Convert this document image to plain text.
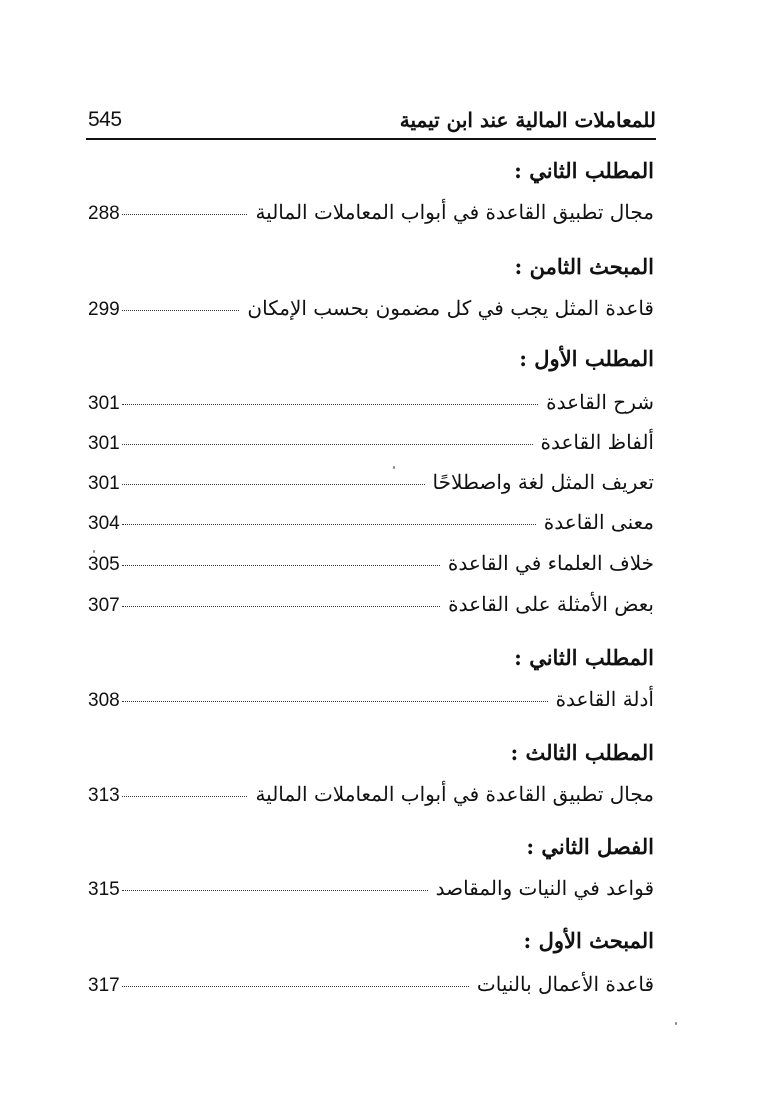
545	للمعاملات المالية عند ابن تيمية
المطلب الثاني :
288	مجال تطبيق القاعدة في أبواب المعاملات المالية
المبحث الثامن :
299	قاعدة المثل يجب في كل مضمون بحسب الإمكان
المطلب الأول :
301	شرح القاعدة
301	ألفاظ القاعدة
301	تعريف المثل لغة واصطلاحًا
304	معنى القاعدة
305	خلاف العلماء في القاعدة
307	بعض الأمثلة على القاعدة
المطلب الثاني :
308	أدلة القاعدة
المطلب الثالث :
313	مجال تطبيق القاعدة في أبواب المعاملات المالية
الفصل الثاني :
315	قواعد في النيات والمقاصد
المبحث الأول :
317	قاعدة الأعمال بالنيات
